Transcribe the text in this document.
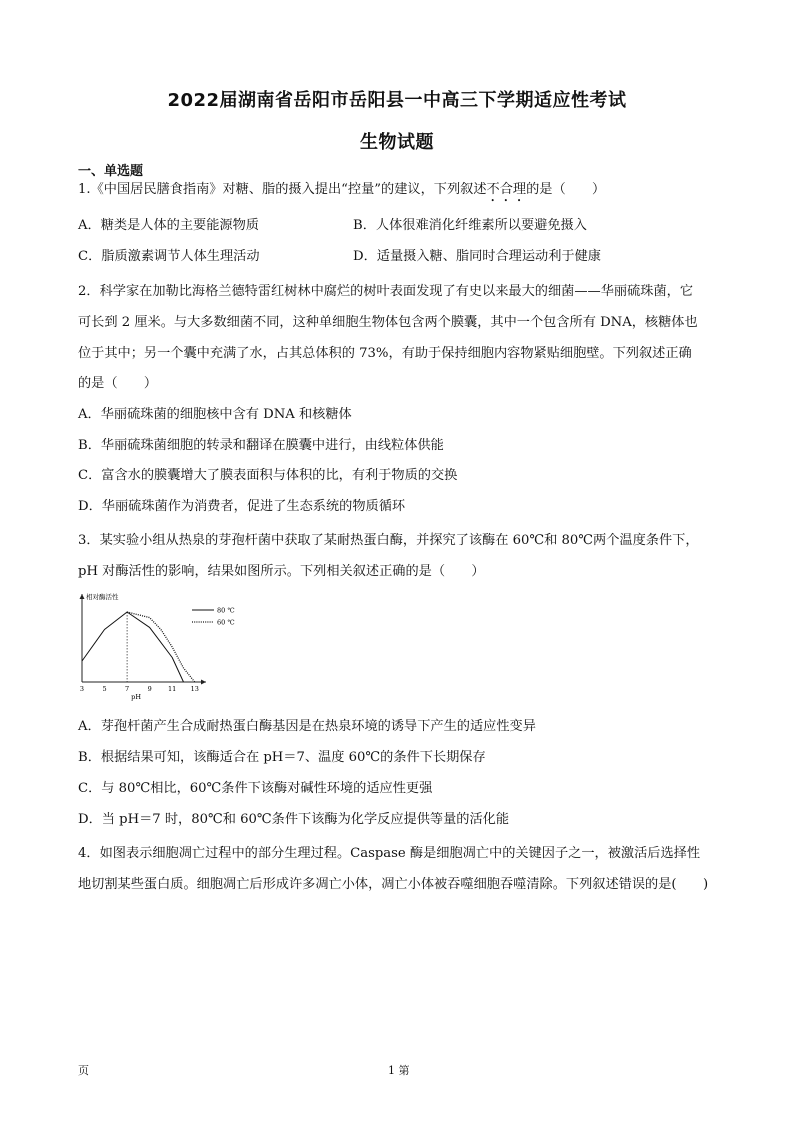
2022届湖南省岳阳市岳阳县一中高三下学期适应性考试
生物试题
一、单选题
1.《中国居民膳食指南》对糖、脂的摄入提出“控量”的建议，下列叙述不合理的是（　　）
A．糖类是人体的主要能源物质	B．人体很难消化纤维素所以要避免摄入
C．脂质激素调节人体生理活动	D．适量摄入糖、脂同时合理运动利于健康
2．科学家在加勒比海格兰德特雷红树林中腐烂的树叶表面发现了有史以来最大的细菌——华丽硫珠菌，它
可长到 2 厘米。与大多数细菌不同，这种单细胞生物体包含两个膜囊，其中一个包含所有 DNA，核糖体也
位于其中；另一个囊中充满了水，占其总体积的 73%，有助于保持细胞内容物紧贴细胞壁。下列叙述正确
的是（　　）
A．华丽硫珠菌的细胞核中含有 DNA 和核糖体
B．华丽硫珠菌细胞的转录和翻译在膜囊中进行，由线粒体供能
C．富含水的膜囊增大了膜表面积与体积的比，有利于物质的交换
D．华丽硫珠菌作为消费者，促进了生态系统的物质循环
3．某实验小组从热泉的芽孢杆菌中获取了某耐热蛋白酶，并探究了该酶在 60℃和 80℃两个温度条件下，
pH 对酶活性的影响，结果如图所示。下列相关叙述正确的是（　　）
相对酶活性
3	5	7	9	11 13
pH
80 ℃
60 ℃
A．芽孢杆菌产生合成耐热蛋白酶基因是在热泉环境的诱导下产生的适应性变异
B．根据结果可知，该酶适合在 pH＝7、温度 60℃的条件下长期保存
C．与 80℃相比，60℃条件下该酶对碱性环境的适应性更强
D．当 pH＝7 时，80℃和 60℃条件下该酶为化学反应提供等量的活化能
4．如图表示细胞凋亡过程中的部分生理过程。Caspase 酶是细胞凋亡中的关键因子之一，被激活后选择性
地切割某些蛋白质。细胞凋亡后形成许多凋亡小体，凋亡小体被吞噬细胞吞噬清除。下列叙述错误的是(　　)
页	1 第
